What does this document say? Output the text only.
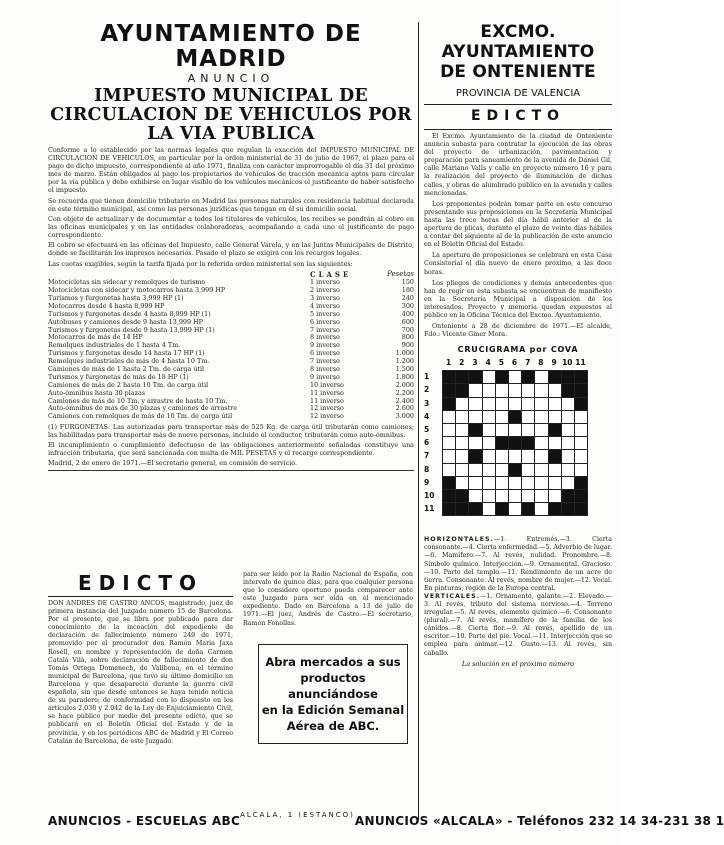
AYUNTAMIENTO DE MADRID
ANUNCIO
IMPUESTO MUNICIPAL DE CIRCULACION DE VEHICULOS POR LA VIA PUBLICA

Conforme a lo establecido por las normas legales que regulan la exacción del IMPUESTO MUNICIPAL DE CIRCULACION DE VEHICULOS, en particular por la orden ministerial de 31 de julio de 1967, el plazo para el pago de dicho impuesto, correspondiente al año 1971, finaliza con carácter improrrogable el día 31 del próximo mes de marzo. Están obligados al pago los propietarios de vehículos de tracción mecánica aptos para circular por la vía pública y debe exhibirse en lugar visible de los vehículos mecánicos el justificante de haber satisfecho el impuesto.

Se recuerda que tienen domicilio tributario en Madrid las personas naturales con residencia habitual declarada en este término municipal, así como las personas jurídicas que tengan en él su domicilio social.

Con objeto de actualizar y de documentar a todos los titulares de vehículos, los recibos se pondrán al cobro en las oficinas municipales y en las entidades colaboradoras, acompañando a cada uno el justificante de pago correspondiente.

El cobro se efectuará en las oficinas del Impuesto, calle General Varela, y en las Juntas Municipales de Distrito, donde se facilitarán los impresos necesarios. Pasado el plazo se exigirá con los recargos legales.

Las cuotas exigibles, según la tarifa fijada por la referida orden ministerial son las siguientes:
CLASE	Pesetas
Motocicletas sin sidecar y remolques de turismo	1 inverso	150
Motocicletas con sidecar y motocarros hasta 3,999 HP	2 inverso	180
Turismos y furgonetas hasta 3,999 HP (1)	3 inverso	240
Motocarros desde 4 hasta 8,999 HP	4 inverso	300
Turismos y furgonetas desde 4 hasta 8,999 HP (1)	5 inverso	400
Autobuses y camiones desde 9 hasta 13,999 HP	6 inverso	600
Turismos y furgonetas desde 9 hasta 13,999 HP (1)	7 inverso	700
Motocarros de más de 14 HP	8 inverso	800
Remolques industriales de 1 hasta 4 Tm.	9 inverso	900
Turismos y furgonetas desde 14 hasta 17 HP (1)	6 inverso	1.000
Remolques industriales de más de 4 hasta 10 Tm.	7 inverso	1.200
Camiones de más de 1 hasta 2 Tm. de carga útil	8 inverso	1.500
Turismos y furgonetas de más de 18 HP (1)	9 inverso	1.800
Camiones de más de 2 hasta 10 Tm. de carga útil	10 inverso	2.000
Auto-ómnibus hasta 30 plazas	11 inverso	2.200
Camiones de más de 10 Tm. y arrastre de hasta 10 Tm.	11 inverso	2.400
Auto-ómnibus de más de 30 plazas y camiones de arrastre	12 inverso	2.600
Camiones con remolques de más de 10 Tm. de carga útil	12 inverso	3.000
(1) FURGONETAS: Las autorizadas para transportar más de 525 Kg. de carga útil tributarán como camiones; las habilitadas para transportar más de nueve personas, incluido el conductor, tributarán como auto-ómnibus.
El incumplimiento o cumplimiento defectuoso de las obligaciones anteriormente señaladas constituye una infracción tributaria, que será sancionada con multa de MIL PESETAS y el recargo correspondiente.
Madrid, 2 de enero de 1971.—El secretario general, en comisión de servicio.
EDICTO
DON ANDRES DE CASTRO ANCOS, magistrado, juez de primera instancia del Juzgado número 15 de Barcelona. Por el presente, que se libra por publicado para dar conocimiento de la incoación del expediente de declaración de fallecimiento número 249 de 1971, promovido por el procurador don Ramón Maria Jaxa Rosell, en nombre y representación de doña Carmen Catalá Vilà, sobre declaración de fallecimiento de don Tomás Ortega Domenech, de Vallbona, en el término municipal de Barcelona, que tuvo su último domicilio en Barcelona y que desapareció durante la guerra civil española, sin que desde entonces se haya tenido noticia de su paradero; de conformidad con lo dispuesto en los artículos 2.038 y 2.042 de la Ley de Enjuiciamiento Civil, se hace público por medio del presente edicto, que se publicará en el Boletín Oficial del Estado y de la provincia, y en los periódicos ABC de Madrid y El Correo Catalán de Barcelona, de este Juzgado.
para ser leído por la Radio Nacional de España, con intervalo de quince días, para que cualquier persona que lo considere oportuno pueda comparecer ante este Juzgado para ser oída en el mencionado expediente. Dado en Barcelona a 13 de julio de 1971.—El juez, Andrés de Castro.—El secretario, Ramón Fonollas.
Abra mercados a sus
productos anunciándose
en la Edición Semanal
Aérea de ABC.
ANUNCIOS - ESCUELAS ABC ALCALA, 1 (ESTANCO) ANUNCIOS «ALCALA» - Teléfonos 232 14 34-231 38 1
EXCMO. AYUNTAMIENTO
DE ONTENIENTE
PROVINCIA DE VALENCIA
EDICTO
El Excmo. Ayuntamiento de la ciudad de Onteniente anuncia subasta para contratar la ejecución de las obras del proyecto de urbanización, pavimentación y preparación para saneamiento de la avenida de Daniel Gil, calle Mariano Valls y calle en proyecto número 16 y para la realización del proyecto de iluminación de dichas calles, y obras de alumbrado público en la avenida y calles mencionadas.
Los proponentes podrán tomar parte en este concurso presentando sus proposiciones en la Secretaría Municipal hasta las trece horas del día hábil anterior al de la apertura de plicas, durante el plazo de veinte días hábiles a contar del siguiente al de la publicación de este anuncio en el Boletín Oficial del Estado.
La apertura de proposiciones se celebrará en esta Casa Consistorial el día nuevo de enero próximo, a las doce horas.
Los pliegos de condiciones y demás antecedentes que han de regir en esta subasta se encuentran de manifiesto en la Secretaría Municipal a disposición de los interesados. Proyecto y memoria quedan expuestos al público en la Oficina Técnica del Excmo. Ayuntamiento.
Onteniente a 28 de diciembre de 1971.—El alcalde, Fdo.: Vicente Giner Mora.
CRUCIGRAMA por COVA
1	2	3	4	5	6	7	8	9 10 11
1
2
3
4
5
6
7
8
9
10
11
HORIZONTALES.—1. Entremés.—3. Cierta consonante.—4. Cierta enfermedad.—5. Adverbio de lugar.—6. Mamífero.—7. Al revés, nulidad. Pronombre.—8. Símbolo químico. Interjección.—9. Ornamental. Gracioso.—10. Parte del templo.—11. Rendimiento de un acre de tierra. Consonante. Al revés, nombre de mujer.—12. Vocal. En pinturas, región de la Europa central.
VERTICALES.—1. Ornamento, galante.—2. Elevado.—3. Al revés, tributo del sistema nervioso.—4. Terreno irregular.—5. Al revés, elemento químico.—6. Consonante (plural).—7. Al revés, mamífero de la familia de los cánidos.—8. Cierta flor.—9. Al revés, apellido de un escritor.—10. Parte del pie. Vocal.—11. Interjección que se emplea para animar.—12. Gusto.—13. Al revés, sin caballo.
La solución en el próximo número
